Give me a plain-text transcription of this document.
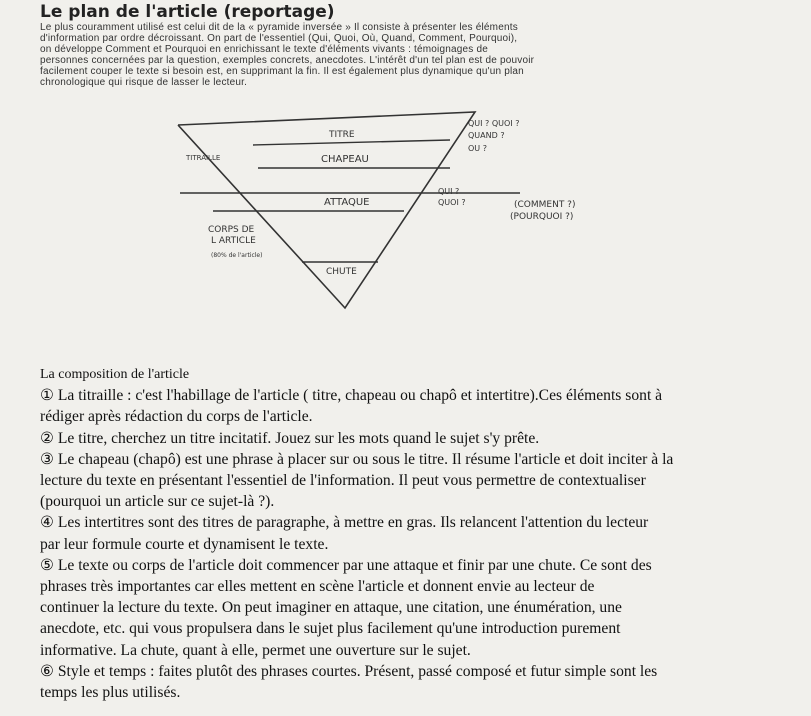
Le plan de l'article (reportage)

Le plus couramment utilisé est celui dit de la « pyramide inversée » Il consiste à présenter les éléments

d'information par ordre décroissant. On part de l'essentiel (Qui, Quoi, Où, Quand, Comment, Pourquoi),

on développe Comment et Pourquoi en enrichissant le texte d'éléments vivants : témoignages de

personnes concernées par la question, exemples concrets, anecdotes. L'intérêt d'un tel plan est de pouvoir

facilement couper le texte si besoin est, en supprimant la fin. Il est également plus dynamique qu'un plan

chronologique qui risque de lasser le lecteur.

TITRE
TITRAILLE	CHAPEAU
ATTAQUE
CORPS DE
L ARTICLE
(80% de l'article)
CHUTE
QUI ? QUOI ?
QUAND ?
OU ?
QUI ?
QUOI ?	(COMMENT ?)
(POURQUOI ?)

La composition de l'article

① La titraille : c'est l'habillage de l'article ( titre, chapeau ou chapô et intertitre).Ces éléments sont à

rédiger après rédaction du corps de l'article.

② Le titre, cherchez un titre incitatif. Jouez sur les mots quand le sujet s'y prête.

③ Le chapeau (chapô) est une phrase à placer sur ou sous le titre. Il résume l'article et doit inciter à la

lecture du texte en présentant l'essentiel de l'information. Il peut vous permettre de contextualiser

(pourquoi un article sur ce sujet-là ?).

④ Les intertitres sont des titres de paragraphe, à mettre en gras. Ils relancent l'attention du lecteur

par leur formule courte et dynamisent le texte.

⑤ Le texte ou corps de l'article doit commencer par une attaque et finir par une chute. Ce sont des

phrases très importantes car elles mettent en scène l'article et donnent envie au lecteur de

continuer la lecture du texte. On peut imaginer en attaque, une citation, une énumération, une

anecdote, etc. qui vous propulsera dans le sujet plus facilement qu'une introduction purement

informative. La chute, quant à elle, permet une ouverture sur le sujet.

⑥ Style et temps : faites plutôt des phrases courtes. Présent, passé composé et futur simple sont les

temps les plus utilisés.
